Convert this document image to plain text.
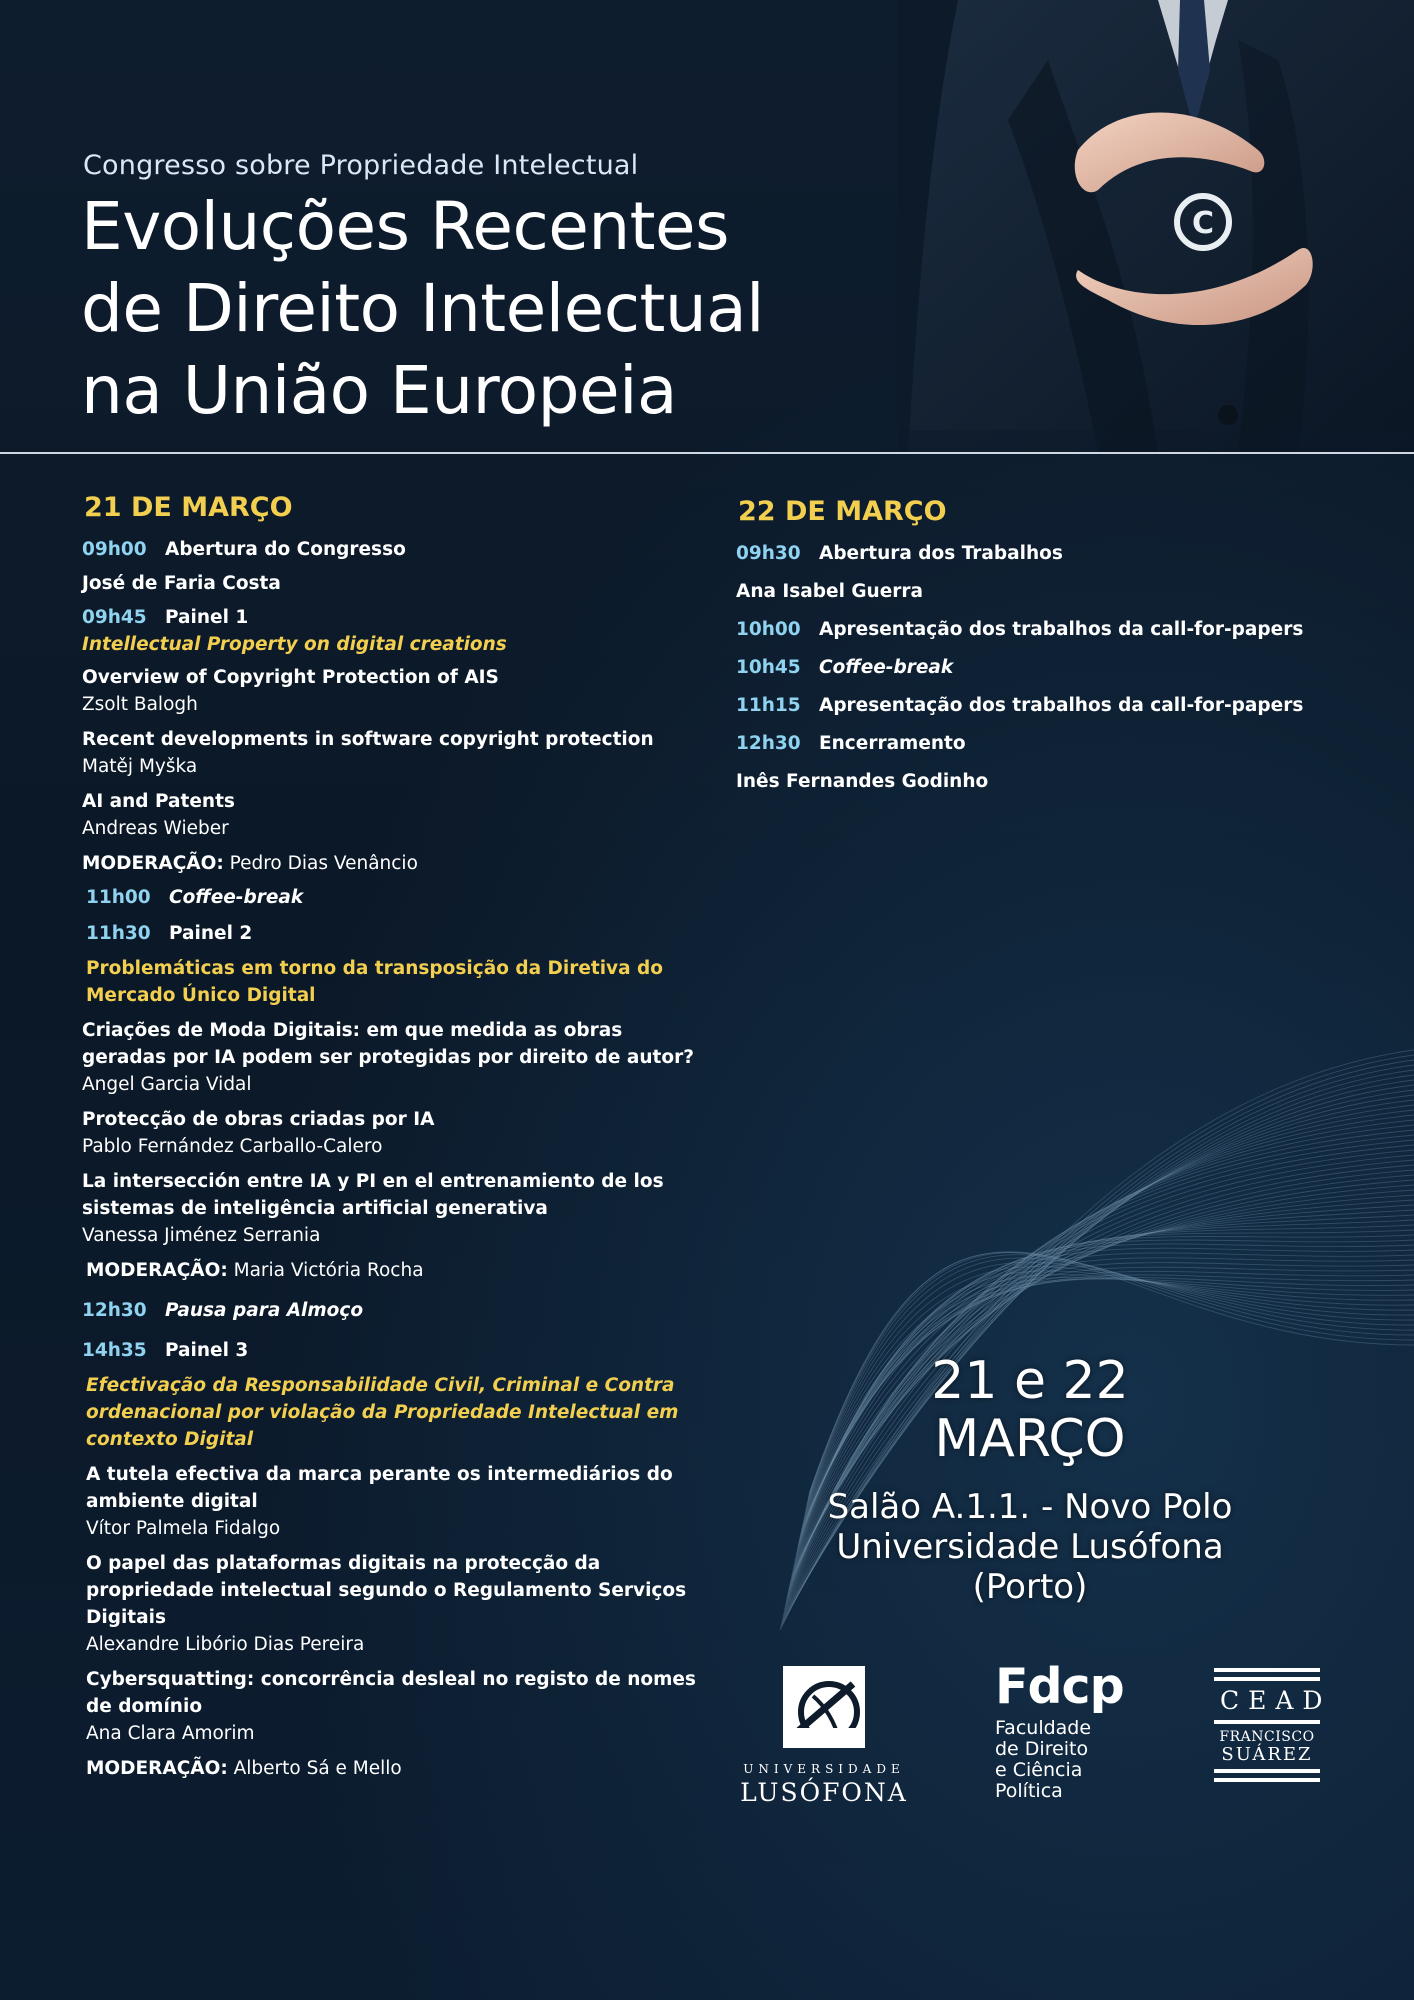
Congresso sobre Propriedade Intelectual
Evoluções Recentes
de Direito Intelectual
na União Europeia
C
21 DE MARÇO
09h00 Abertura do Congresso
José de Faria Costa
09h45 Painel 1
Intellectual Property on digital creations
Overview of Copyright Protection of AIS
Zsolt Balogh
Recent developments in software copyright protection
Matěj Myška
AI and Patents
Andreas Wieber
MODERAÇÃO: Pedro Dias Venâncio
11h00 Coffee-break
11h30 Painel 2
Problemáticas em torno da transposição da Diretiva do
Mercado Único Digital
Criações de Moda Digitais: em que medida as obras
geradas por IA podem ser protegidas por direito de autor?
Angel Garcia Vidal
Protecção de obras criadas por IA
Pablo Fernández Carballo-Calero
La intersección entre IA y PI en el entrenamiento de los
sistemas de inteligência artificial generativa
Vanessa Jiménez Serrania
MODERAÇÃO: Maria Victória Rocha
12h30 Pausa para Almoço
14h35 Painel 3
Efectivação da Responsabilidade Civil, Criminal e Contra
ordenacional por violação da Propriedade Intelectual em
contexto Digital
A tutela efectiva da marca perante os intermediários do
ambiente digital
Vítor Palmela Fidalgo
O papel das plataformas digitais na protecção da
propriedade intelectual segundo o Regulamento Serviços
Digitais
Alexandre Libório Dias Pereira
Cybersquatting: concorrência desleal no registo de nomes
de domínio
Ana Clara Amorim
MODERAÇÃO: Alberto Sá e Mello
22 DE MARÇO
09h30 Abertura dos Trabalhos
Ana Isabel Guerra
10h00 Apresentação dos trabalhos da call-for-papers
10h45 Coffee-break
11h15 Apresentação dos trabalhos da call-for-papers
12h30 Encerramento
Inês Fernandes Godinho
21 e 22
MARÇO
Salão A.1.1. - Novo Polo
Universidade Lusófona
(Porto)
UNIVERSIDADE
LUSÓFONA
Fdcp
Faculdade
de Direito
e Ciência
Política
CEAD
FRANCISCO
SUÁREZ
